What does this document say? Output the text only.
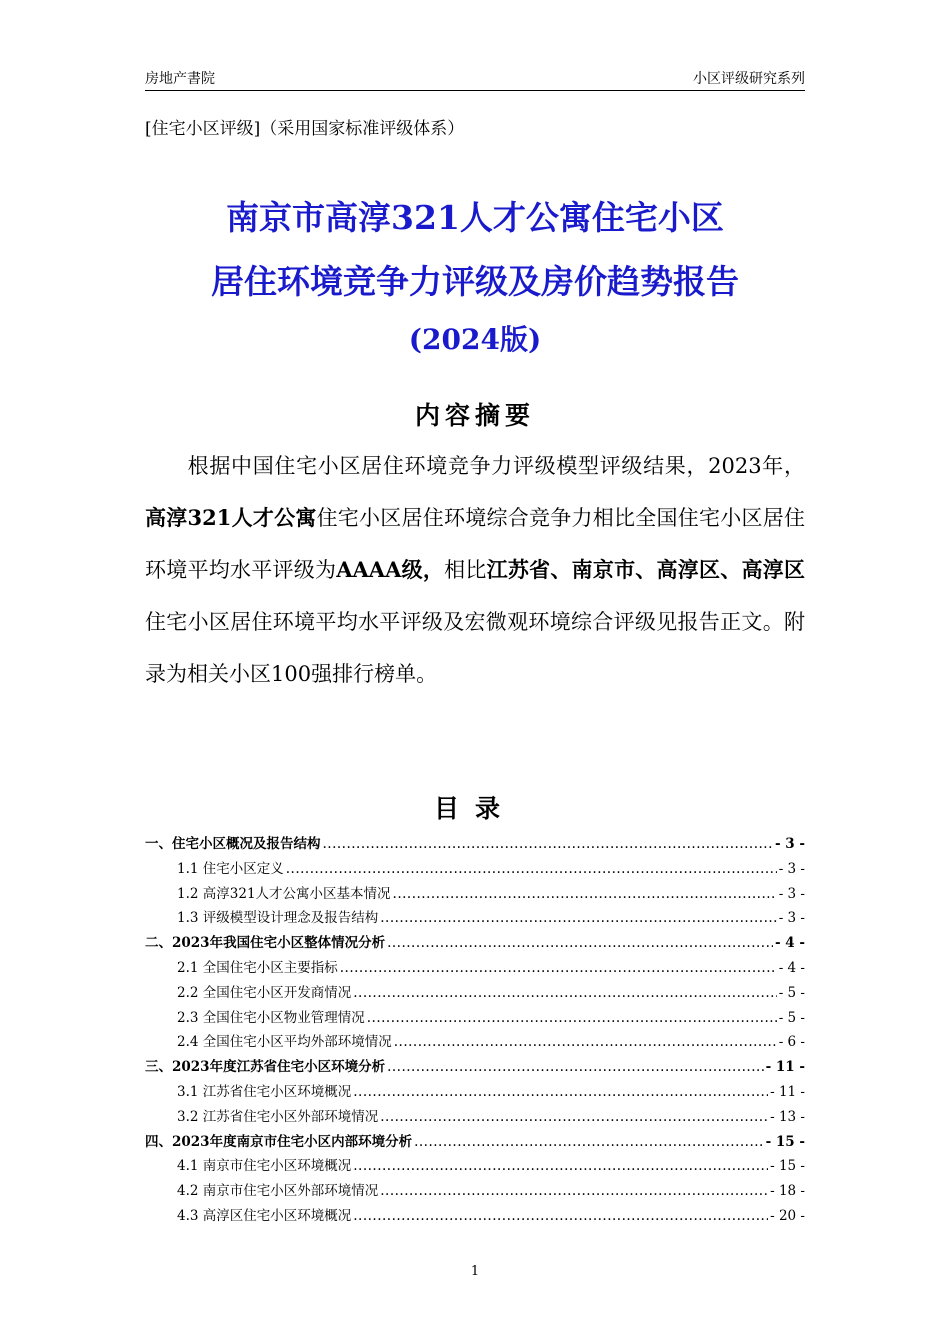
房地产書院	小区评级研究系列
[住宅小区评级]（采用国家标准评级体系）
南京市高淳321人才公寓住宅小区
居住环境竞争力评级及房价趋势报告
(2024版)
内容摘要
根据中国住宅小区居住环境竞争力评级模型评级结果，2023年，高淳321人才公寓住宅小区居住环境综合竞争力相比全国住宅小区居住环境平均水平评级为AAAA级，相比江苏省、南京市、高淳区、高淳区住宅小区居住环境平均水平评级及宏微观环境综合评级见报告正文。附录为相关小区100强排行榜单。
目录
一、住宅小区概况及报告结构 .....	- 3 -
1.1 住宅小区定义 .....	- 3 -
1.2 高淳321人才公寓小区基本情况 .....	- 3 -
1.3 评级模型设计理念及报告结构 .....	- 3 -
二、2023年我国住宅小区整体情况分析 .....	- 4 -
2.1 全国住宅小区主要指标 .....	- 4 -
2.2 全国住宅小区开发商情况 .....	- 5 -
2.3 全国住宅小区物业管理情况 .....	- 5 -
2.4 全国住宅小区平均外部环境情况 .....	- 6 -
三、2023年度江苏省住宅小区环境分析 .....	- 11 -
3.1 江苏省住宅小区环境概况 .....	- 11 -
3.2 江苏省住宅小区外部环境情况 .....	- 13 -
四、2023年度南京市住宅小区内部环境分析 .....	- 15 -
4.1 南京市住宅小区环境概况 .....	- 15 -
4.2 南京市住宅小区外部环境情况 .....	- 18 -
4.3 高淳区住宅小区环境概况 .....	- 20 -
1
